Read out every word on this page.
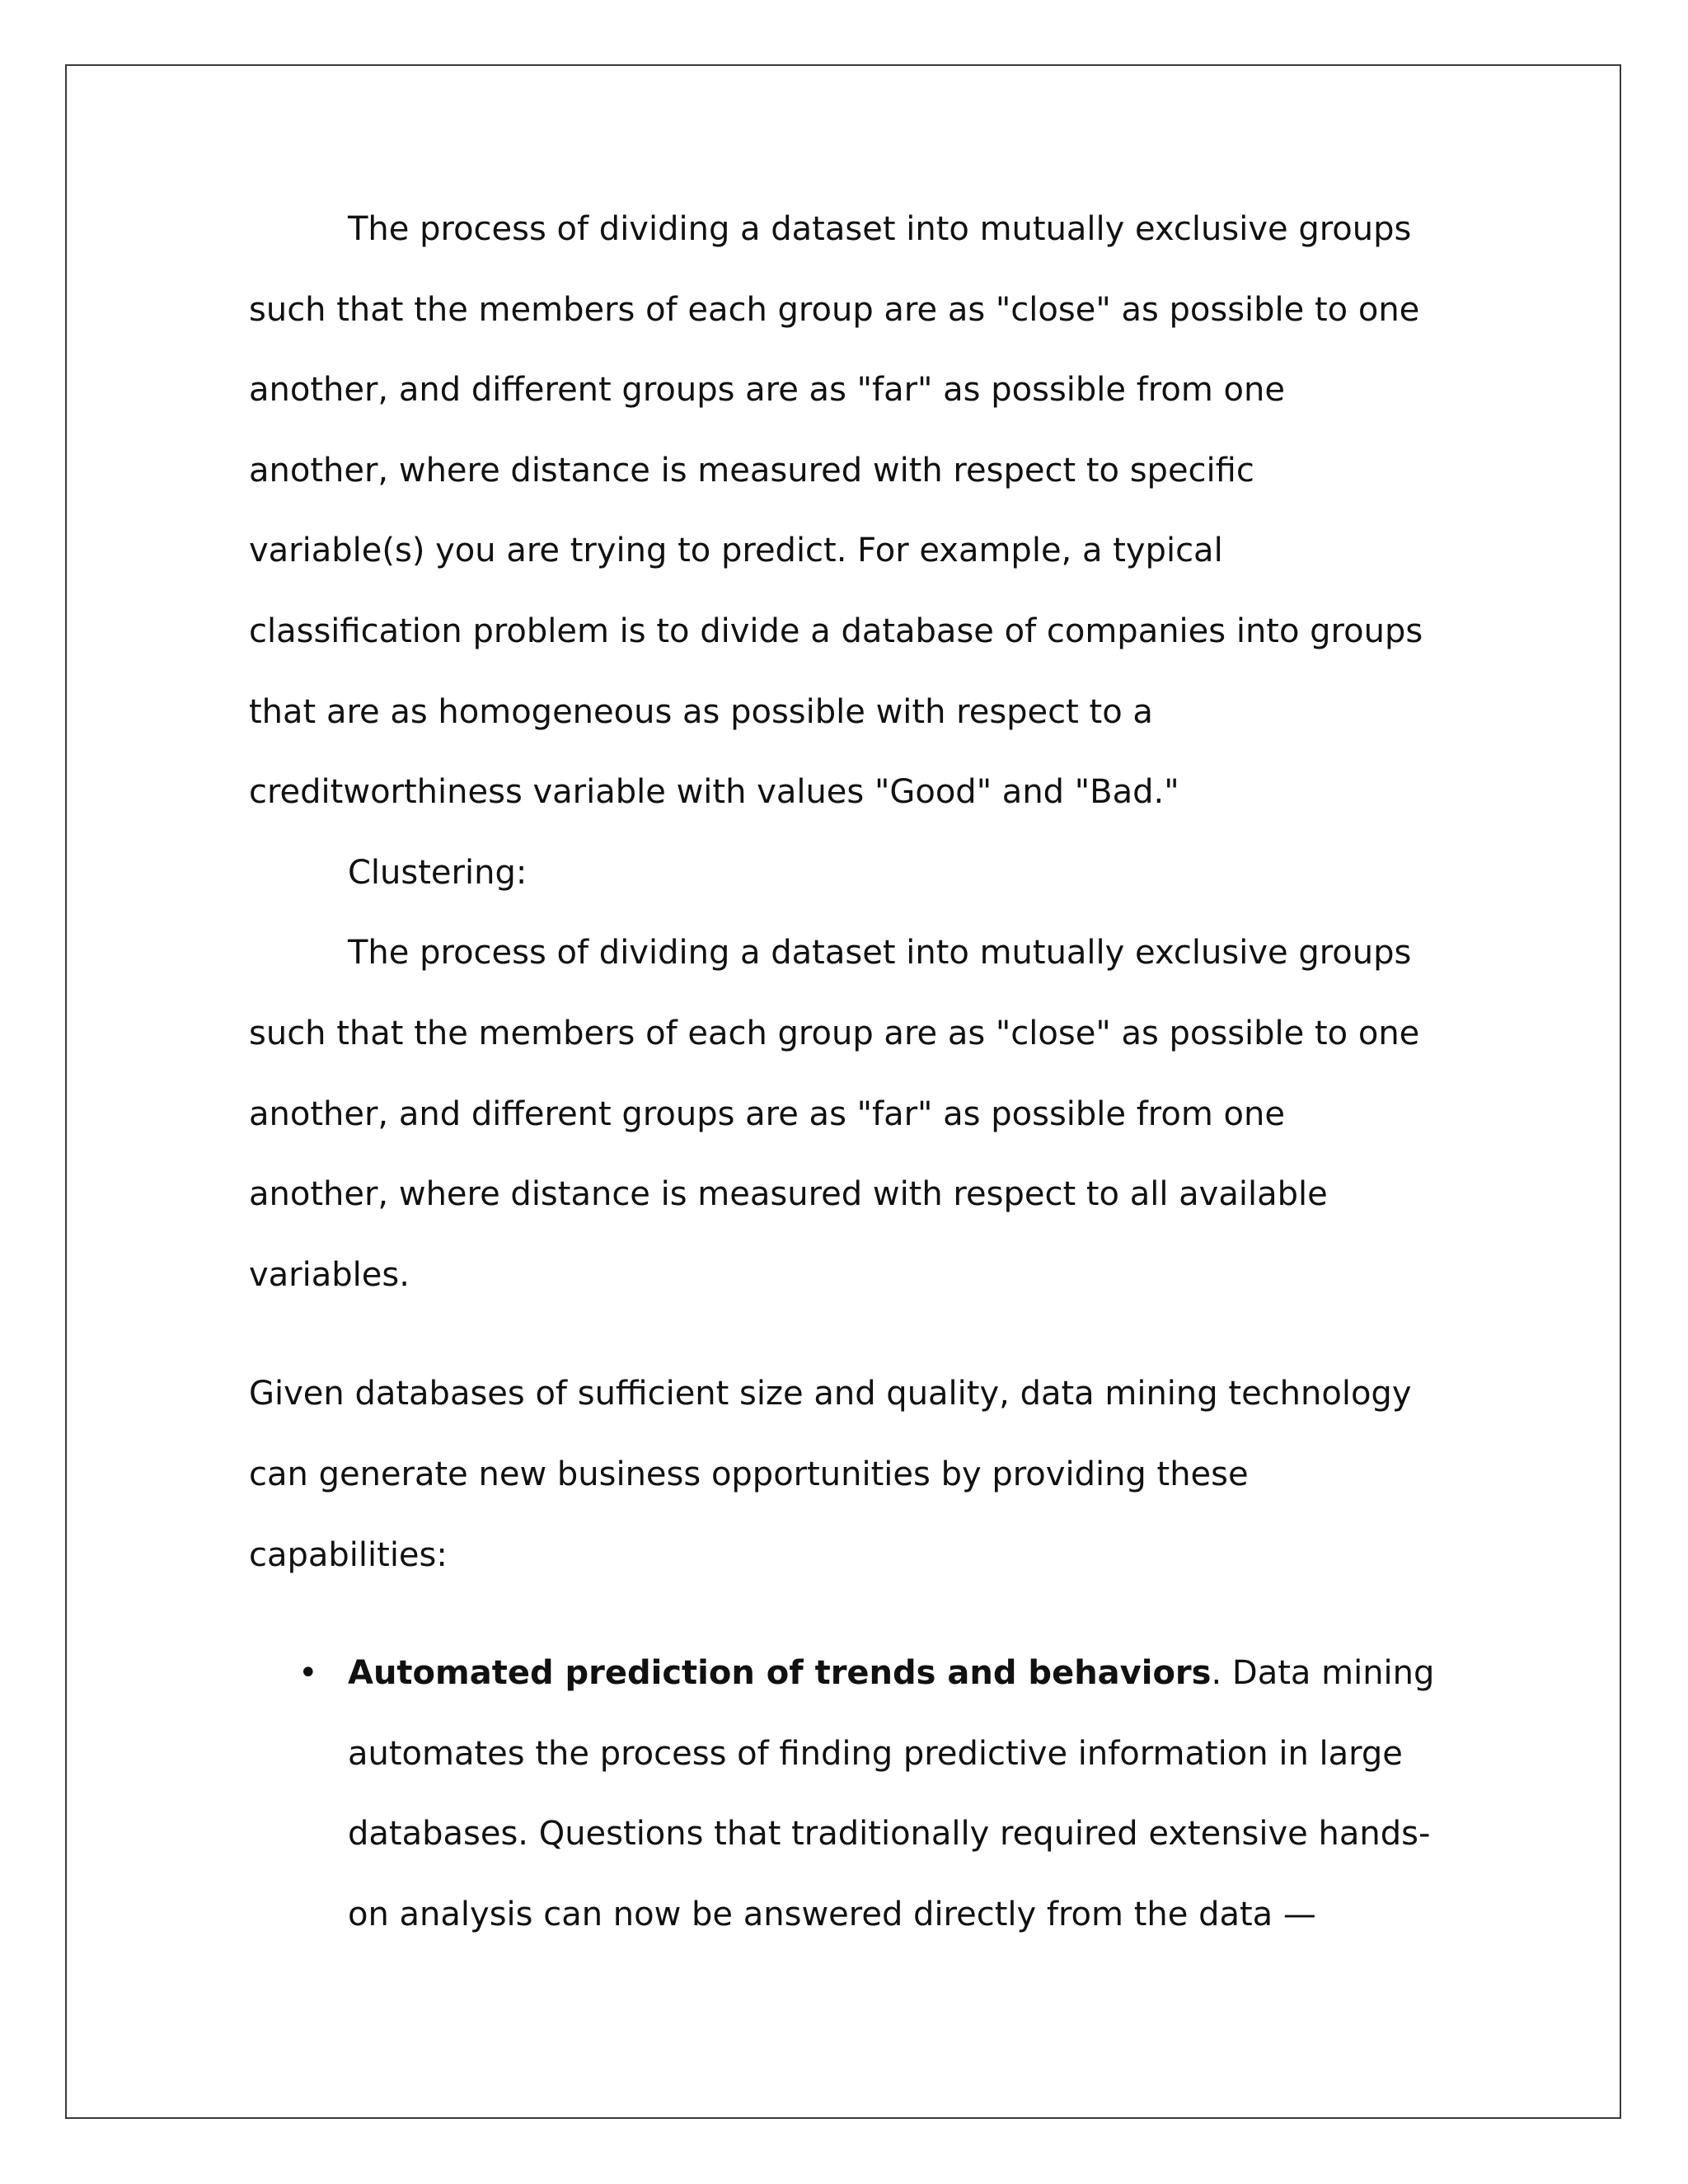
The process of dividing a dataset into mutually exclusive groups
such that the members of each group are as "close" as possible to one
another, and different groups are as "far" as possible from one
another, where distance is measured with respect to specific
variable(s) you are trying to predict. For example, a typical
classification problem is to divide a database of companies into groups
that are as homogeneous as possible with respect to a
creditworthiness variable with values "Good" and "Bad."

Clustering:

The process of dividing a dataset into mutually exclusive groups
such that the members of each group are as "close" as possible to one
another, and different groups are as "far" as possible from one
another, where distance is measured with respect to all available
variables.

Given databases of sufficient size and quality, data mining technology
can generate new business opportunities by providing these
capabilities:

• Automated prediction of trends and behaviors. Data mining
automates the process of finding predictive information in large
databases. Questions that traditionally required extensive hands-
on analysis can now be answered directly from the data —
